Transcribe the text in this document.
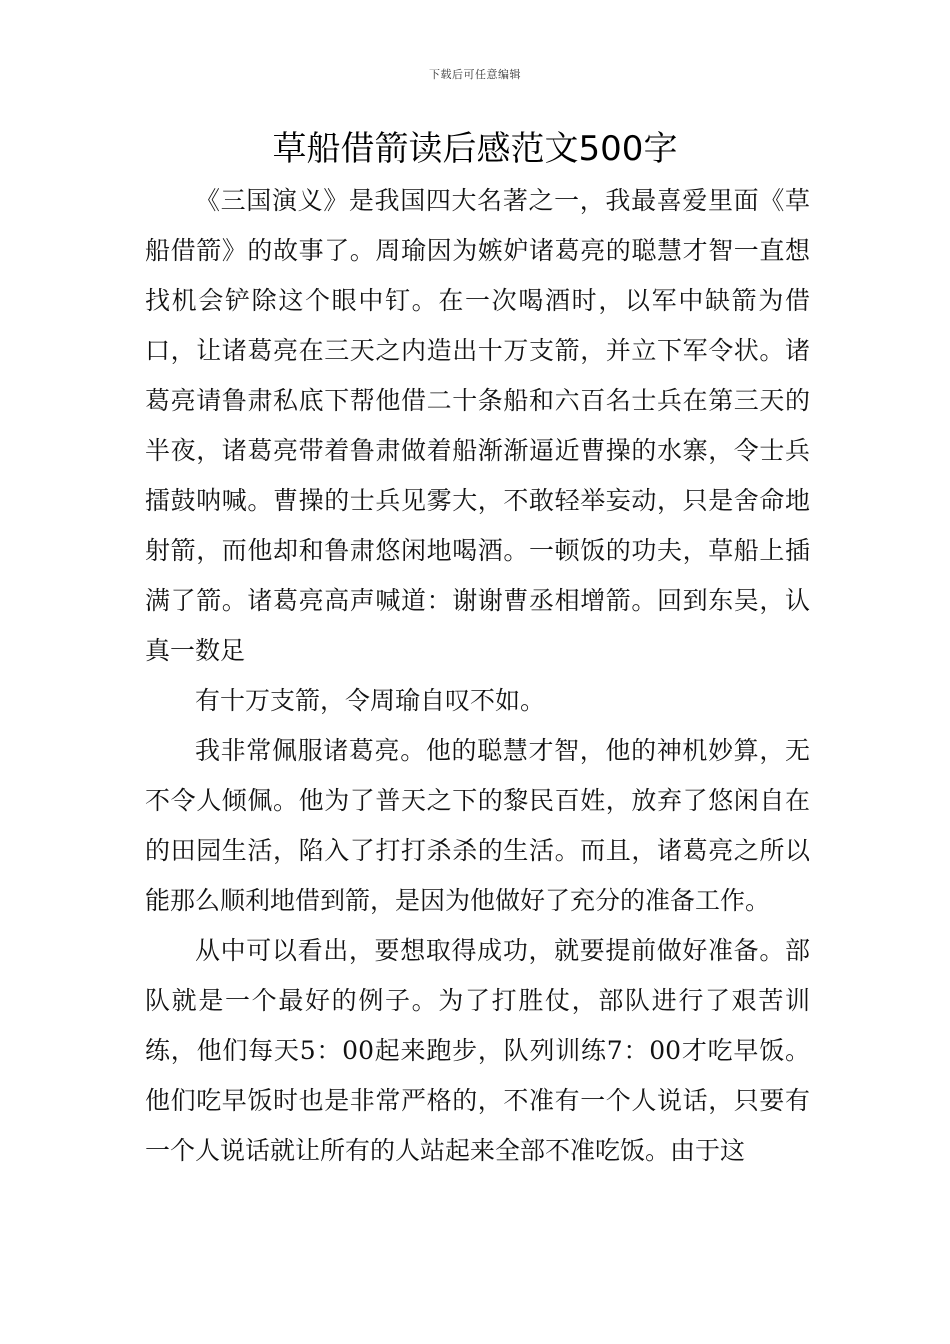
下载后可任意编辑
草船借箭读后感范文500字

《三国演义》是我国四大名著之一，我最喜爱里面《草船借箭》的故事了。周瑜因为嫉妒诸葛亮的聪慧才智一直想找机会铲除这个眼中钉。在一次喝酒时，以军中缺箭为借口，让诸葛亮在三天之内造出十万支箭，并立下军令状。诸葛亮请鲁肃私底下帮他借二十条船和六百名士兵在第三天的半夜，诸葛亮带着鲁肃做着船渐渐逼近曹操的水寨，令士兵擂鼓呐喊。曹操的士兵见雾大，不敢轻举妄动，只是舍命地射箭，而他却和鲁肃悠闲地喝酒。一顿饭的功夫，草船上插满了箭。诸葛亮高声喊道：谢谢曹丞相增箭。回到东吴，认真一数足

有十万支箭，令周瑜自叹不如。

我非常佩服诸葛亮。他的聪慧才智，他的神机妙算，无不令人倾佩。他为了普天之下的黎民百姓，放弃了悠闲自在的田园生活，陷入了打打杀杀的生活。而且，诸葛亮之所以能那么顺利地借到箭，是因为他做好了充分的准备工作。

从中可以看出，要想取得成功，就要提前做好准备。部队就是一个最好的例子。为了打胜仗，部队进行了艰苦训练，他们每天5：00起来跑步，队列训练7：00才吃早饭。他们吃早饭时也是非常严格的，不准有一个人说话，只要有一个人说话就让所有的人站起来全部不准吃饭。由于这
